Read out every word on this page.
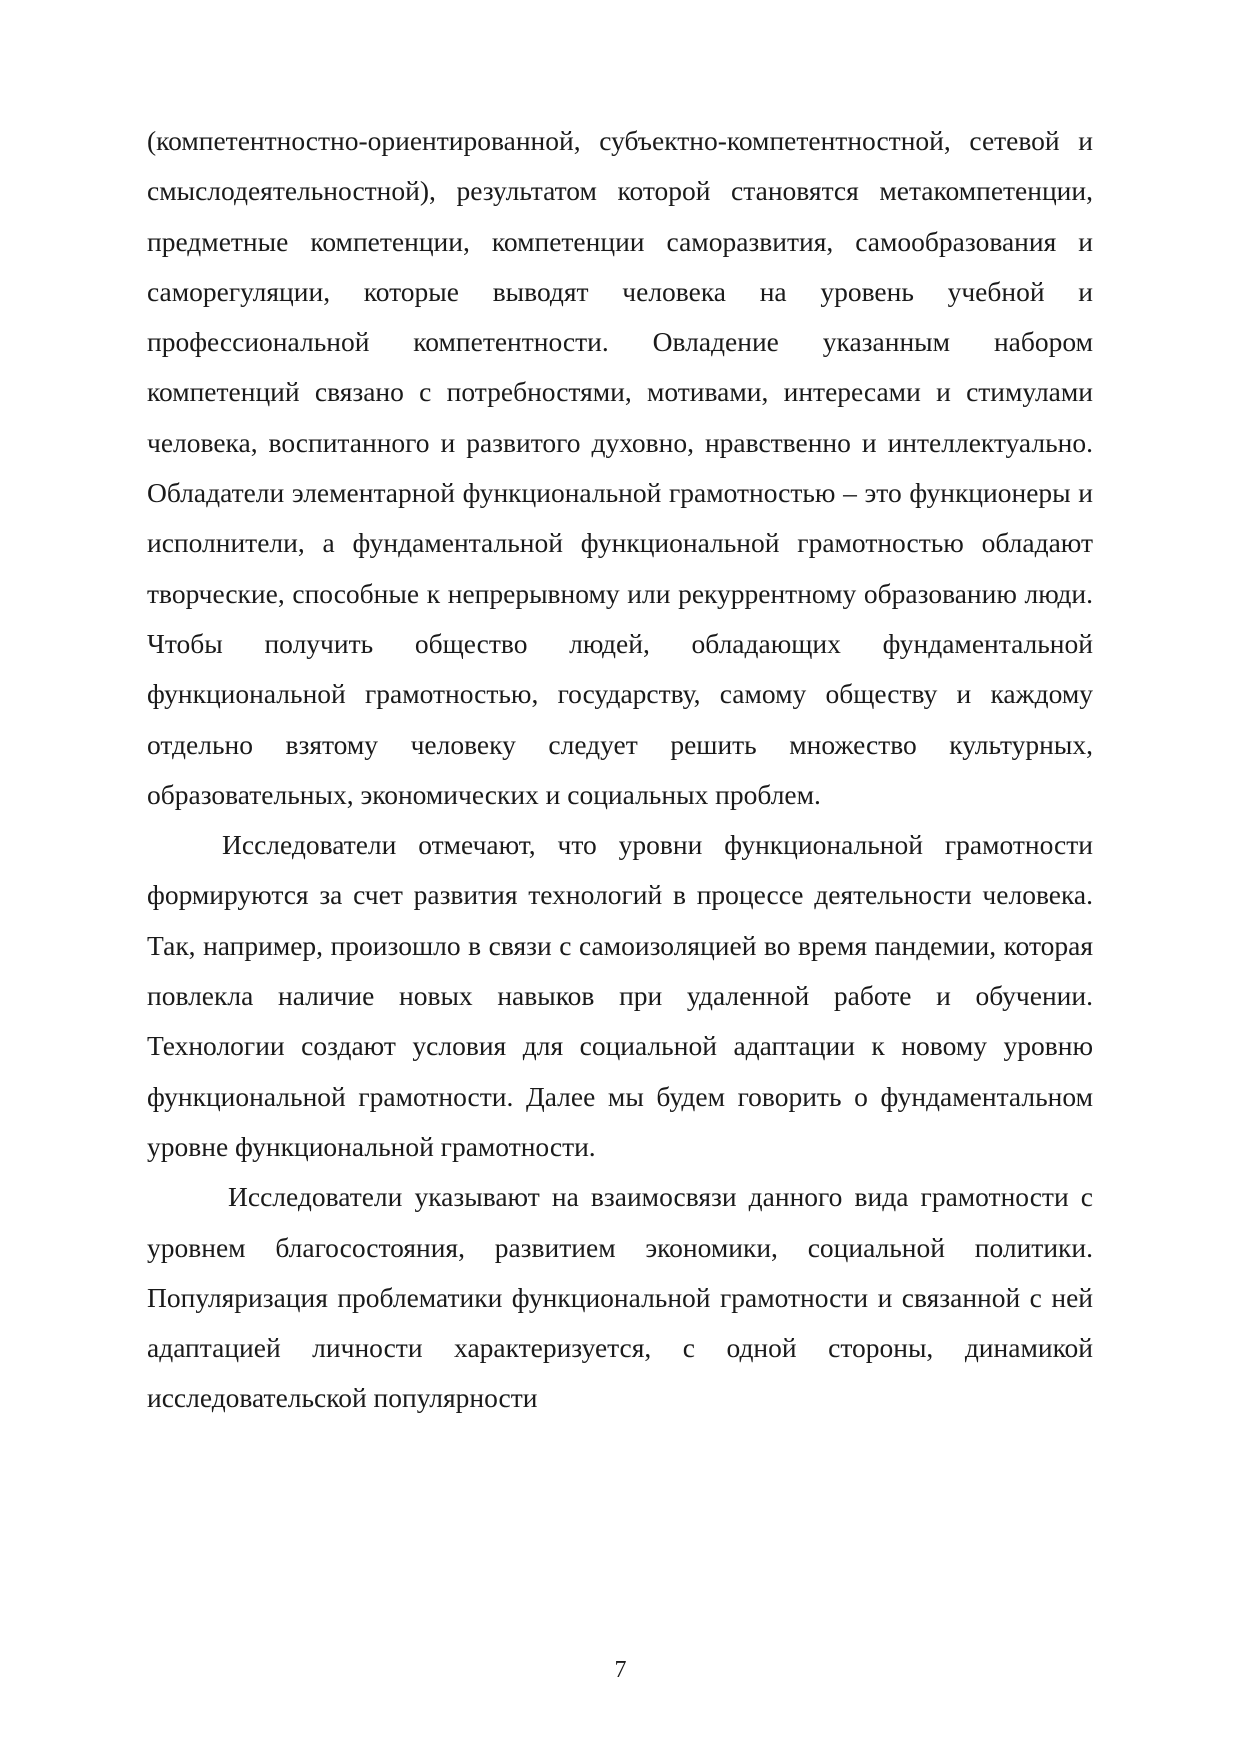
(компетентностно-ориентированной, субъектно-компетентностной, сетевой и смыслодеятельностной), результатом которой становятся метакомпетенции, предметные компетенции, компетенции саморазвития, самообразования и саморегуляции, которые выводят человека на уровень учебной и профессиональной компетентности. Овладение указанным набором компетенций связано с потребностями, мотивами, интересами и стимулами человека, воспитанного и развитого духовно, нравственно и интеллектуально. Обладатели элементарной функциональной грамотностью – это функционеры и исполнители, а фундаментальной функциональной грамотностью обладают творческие, способные к непрерывному или рекуррентному образованию люди. Чтобы получить общество людей, обладающих фундаментальной функциональной грамотностью, государству, самому обществу и каждому отдельно взятому человеку следует решить множество культурных, образовательных, экономических и социальных проблем.

Исследователи отмечают, что уровни функциональной грамотности формируются за счет развития технологий в процессе деятельности человека. Так, например, произошло в связи с самоизоляцией во время пандемии, которая повлекла наличие новых навыков при удаленной работе и обучении. Технологии создают условия для социальной адаптации к новому уровню функциональной грамотности. Далее мы будем говорить о фундаментальном уровне функциональной грамотности.

Исследователи указывают на взаимосвязи данного вида грамотности с уровнем благосостояния, развитием экономики, социальной политики. Популяризация проблематики функциональной грамотности и связанной с ней адаптацией личности характеризуется, с одной стороны, динамикой исследовательской популярности

7
